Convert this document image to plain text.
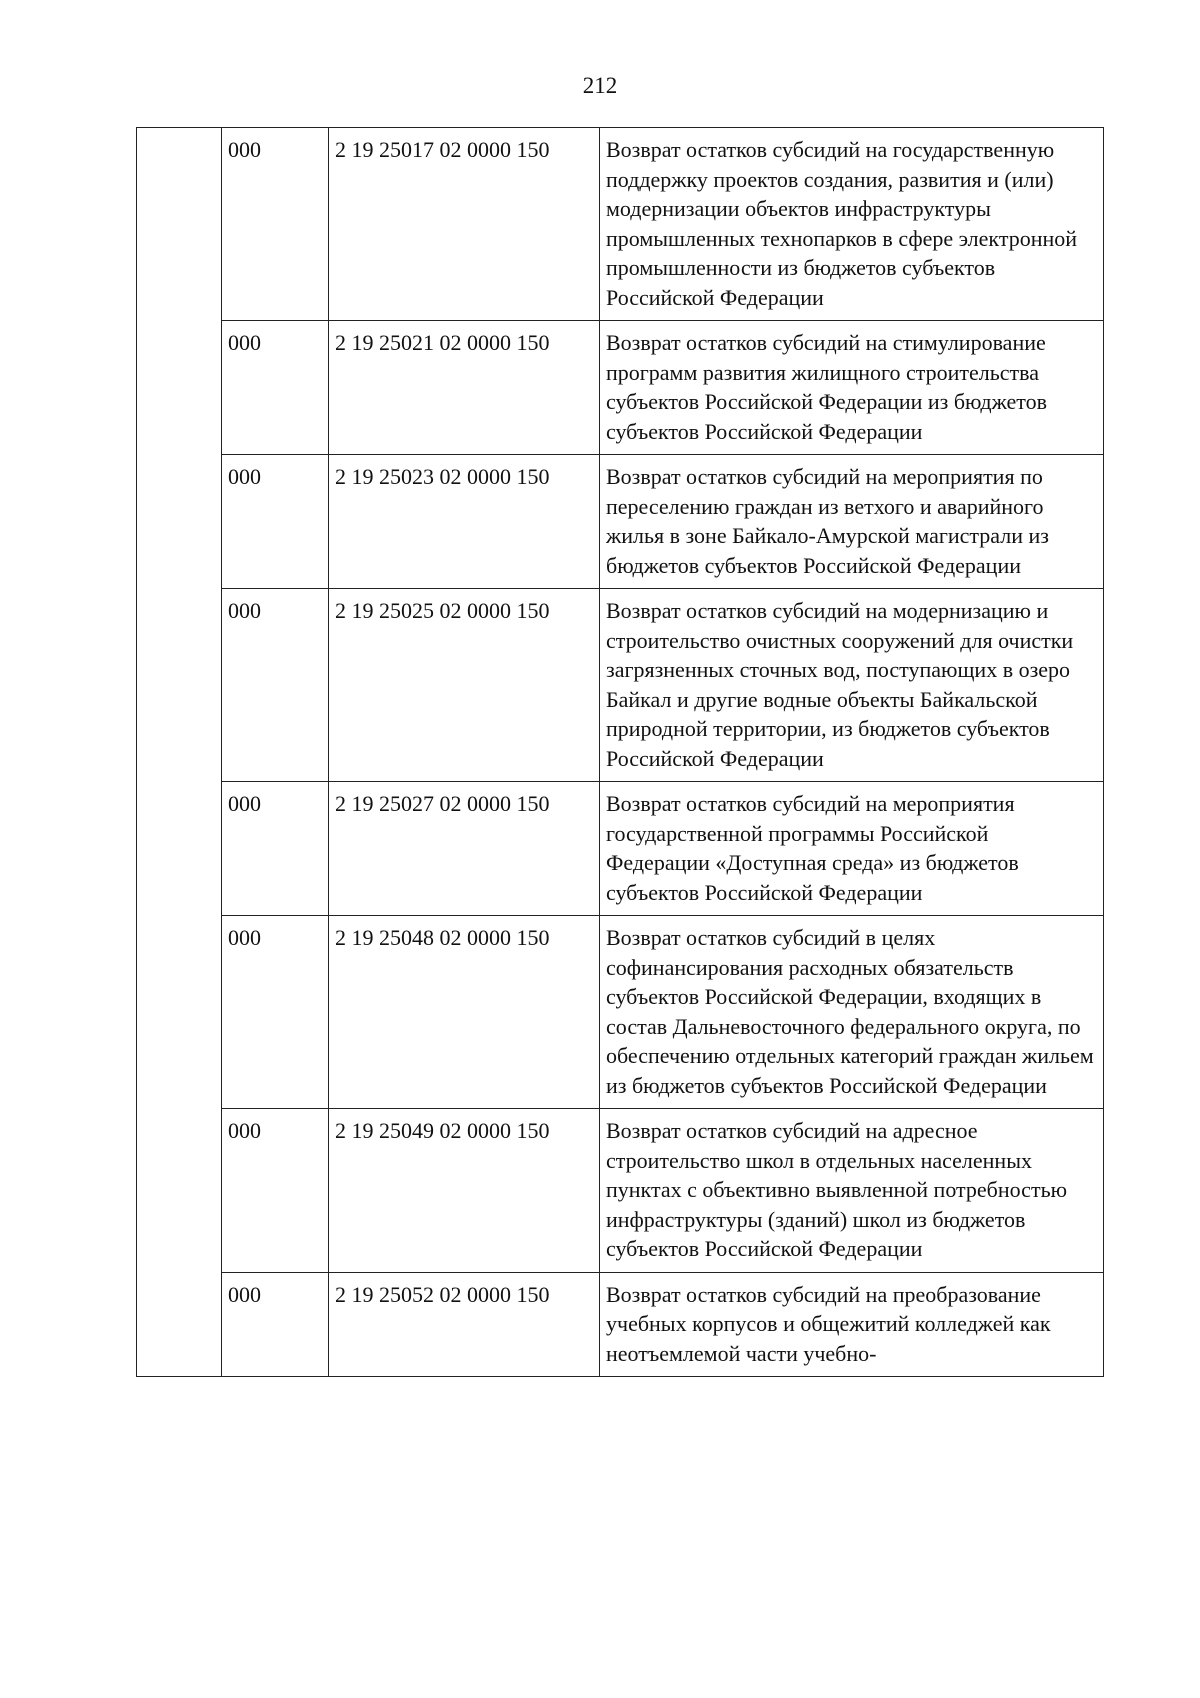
212
	000	2 19 25017 02 0000 150	Возврат остатков субсидий на государственную поддержку проектов создания, развития и (или) модернизации объектов инфраструктуры промышленных технопарков в сфере электронной промышленности из бюджетов субъектов Российской Федерации
	000	2 19 25021 02 0000 150	Возврат остатков субсидий на стимулирование программ развития жилищного строительства субъектов Российской Федерации из бюджетов субъектов Российской Федерации
	000	2 19 25023 02 0000 150	Возврат остатков субсидий на мероприятия по переселению граждан из ветхого и аварийного жилья в зоне Байкало-Амурской магистрали из бюджетов субъектов Российской Федерации
	000	2 19 25025 02 0000 150	Возврат остатков субсидий на модернизацию и строительство очистных сооружений для очистки загрязненных сточных вод, поступающих в озеро Байкал и другие водные объекты Байкальской природной территории, из бюджетов субъектов Российской Федерации
	000	2 19 25027 02 0000 150	Возврат остатков субсидий на мероприятия государственной программы Российской Федерации «Доступная среда» из бюджетов субъектов Российской Федерации
	000	2 19 25048 02 0000 150	Возврат остатков субсидий в целях софинансирования расходных обязательств субъектов Российской Федерации, входящих в состав Дальневосточного федерального округа, по обеспечению отдельных категорий граждан жильем из бюджетов субъектов Российской Федерации
	000	2 19 25049 02 0000 150	Возврат остатков субсидий на адресное строительство школ в отдельных населенных пунктах с объективно выявленной потребностью инфраструктуры (зданий) школ из бюджетов субъектов Российской Федерации
	000	2 19 25052 02 0000 150	Возврат остатков субсидий на преобразование учебных корпусов и общежитий колледжей как неотъемлемой части учебно-
